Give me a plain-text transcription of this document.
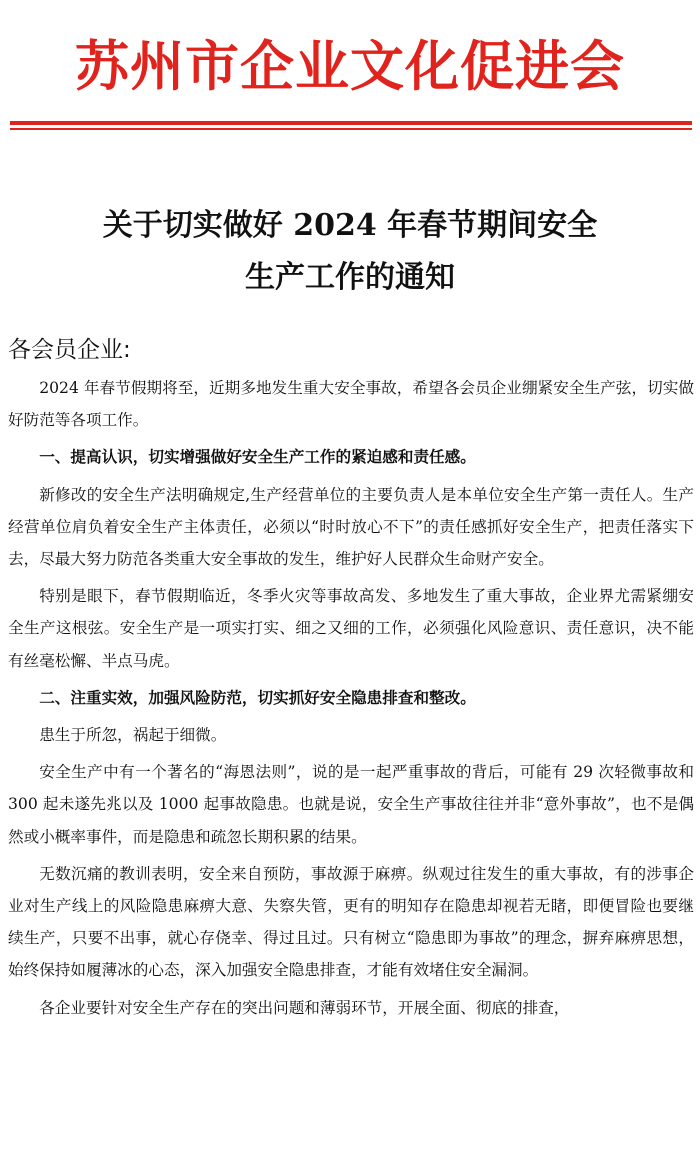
苏州市企业文化促进会
关于切实做好 2024 年春节期间安全
生产工作的通知
各会员企业:

2024 年春节假期将至，近期多地发生重大安全事故，希望各会员企业绷紧安全生产弦，切实做好防范等各项工作。

一、提高认识，切实增强做好安全生产工作的紧迫感和责任感。

新修改的安全生产法明确规定,生产经营单位的主要负责人是本单位安全生产第一责任人。生产经营单位肩负着安全生产主体责任，必须以“时时放心不下”的责任感抓好安全生产，把责任落实下去，尽最大努力防范各类重大安全事故的发生，维护好人民群众生命财产安全。

特别是眼下，春节假期临近，冬季火灾等事故高发、多地发生了重大事故，企业界尤需紧绷安全生产这根弦。安全生产是一项实打实、细之又细的工作，必须强化风险意识、责任意识，决不能有丝毫松懈、半点马虎。

二、注重实效，加强风险防范，切实抓好安全隐患排查和整改。

患生于所忽，祸起于细微。

安全生产中有一个著名的“海恩法则”，说的是一起严重事故的背后，可能有 29 次轻微事故和 300 起未遂先兆以及 1000 起事故隐患。也就是说，安全生产事故往往并非“意外事故”，也不是偶然或小概率事件，而是隐患和疏忽长期积累的结果。

无数沉痛的教训表明，安全来自预防，事故源于麻痹。纵观过往发生的重大事故，有的涉事企业对生产线上的风险隐患麻痹大意、失察失管，更有的明知存在隐患却视若无睹，即便冒险也要继续生产，只要不出事，就心存侥幸、得过且过。只有树立“隐患即为事故”的理念，摒弃麻痹思想，始终保持如履薄冰的心态，深入加强安全隐患排查，才能有效堵住安全漏洞。

各企业要针对安全生产存在的突出问题和薄弱环节，开展全面、彻底的排查，
